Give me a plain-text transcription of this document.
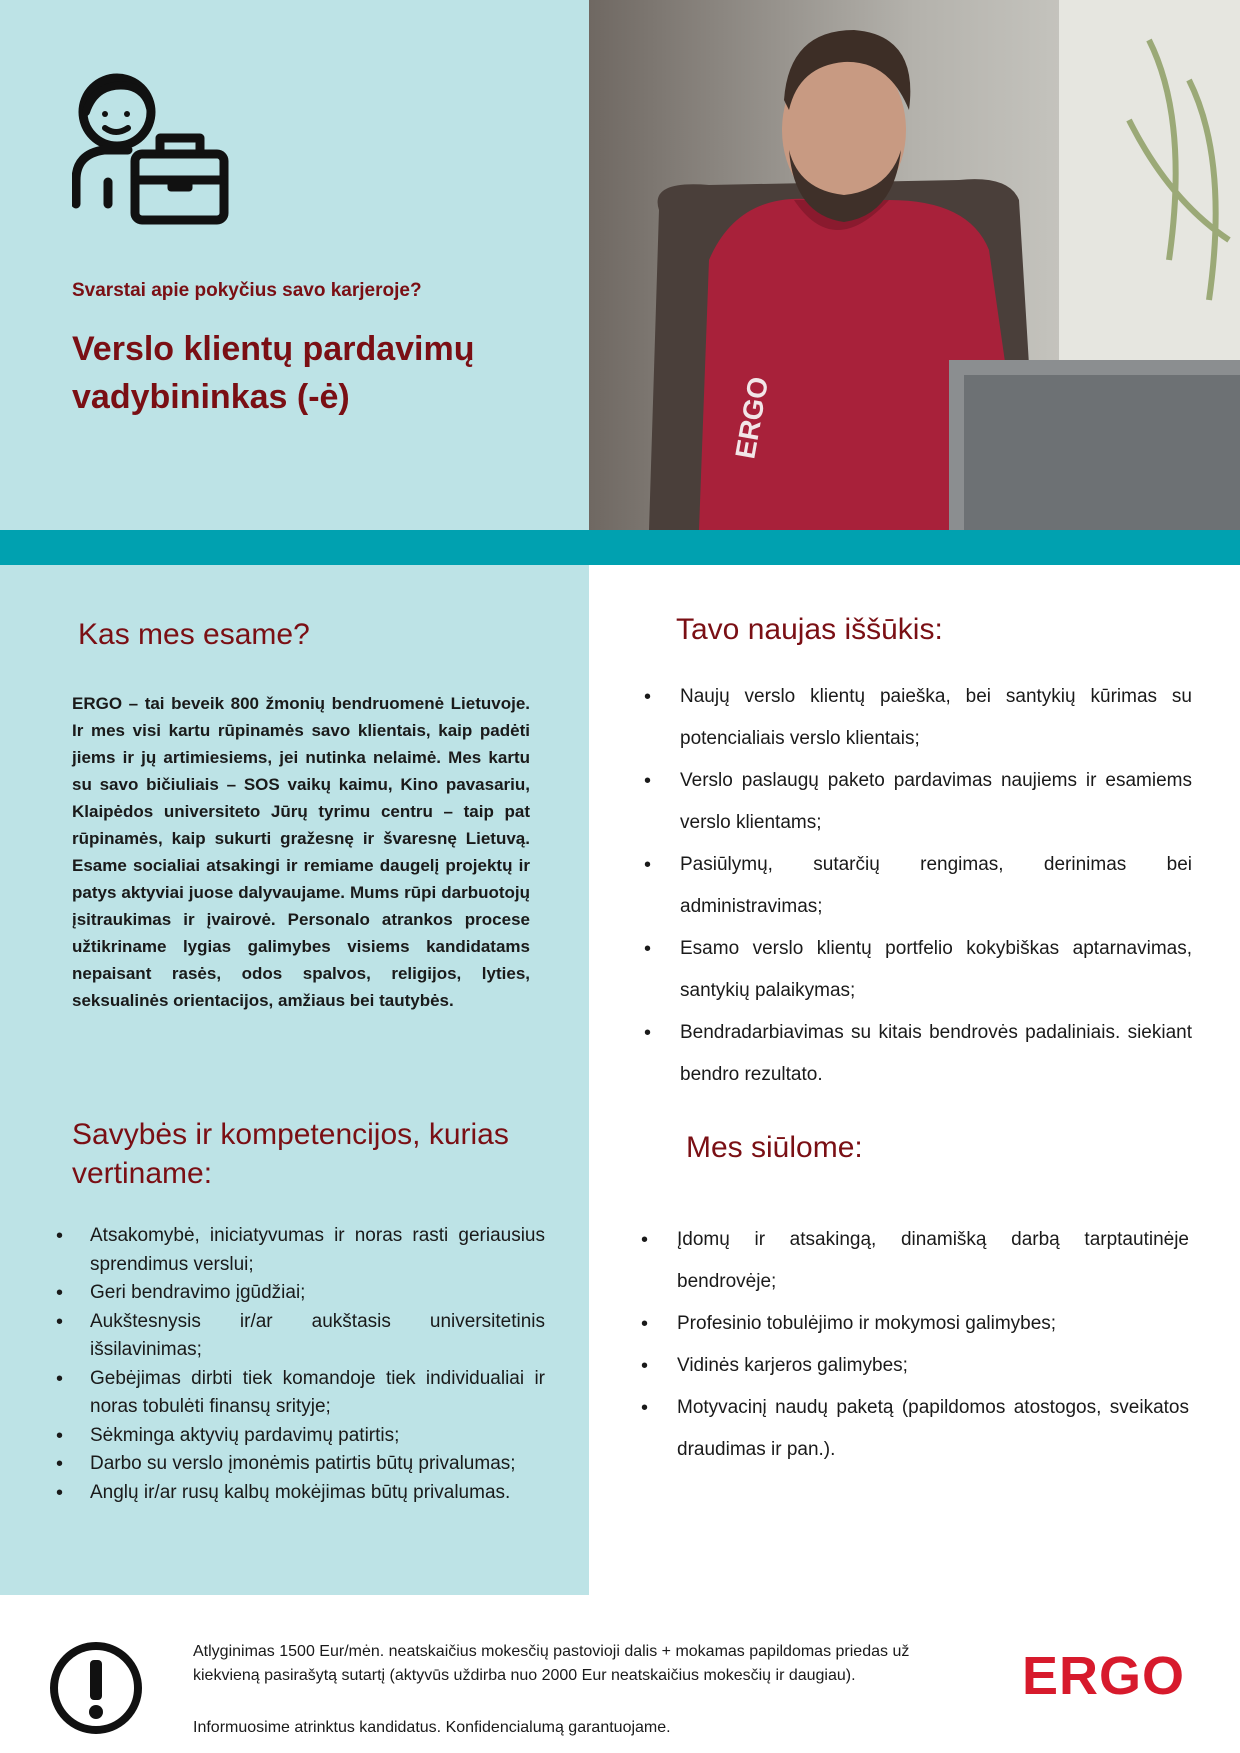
Svarstai apie pokyčius savo karjeroje?
Verslo klientų pardavimų vadybininkas (-ė)	ERGO
Kas mes esame?

ERGO – tai beveik 800 žmonių bendruomenė Lietuvoje. Ir mes visi kartu rūpinamės savo klientais, kaip padėti jiems ir jų artimiesiems, jei nutinka nelaimė. Mes kartu su savo bičiuliais – SOS vaikų kaimu, Kino pavasariu, Klaipėdos universiteto Jūrų tyrimu centru – taip pat rūpinamės, kaip sukurti gražesnę ir švaresnę Lietuvą. Esame socialiai atsakingi ir remiame daugelį projektų ir patys aktyviai juose dalyvaujame. Mums rūpi darbuotojų įsitraukimas ir įvairovė. Personalo atrankos procese užtikriname lygias galimybes visiems kandidatams nepaisant rasės, odos spalvos, religijos, lyties, seksualinės orientacijos, amžiaus bei tautybės.

Savybės ir kompetencijos, kurias vertiname:
• Atsakomybė, iniciatyvumas ir noras rasti geriausius sprendimus verslui;
• Geri bendravimo įgūdžiai;
• Aukštesnysis ir/ar aukštasis universitetinis išsilavinimas;
• Gebėjimas dirbti tiek komandoje tiek individualiai ir noras tobulėti finansų srityje;
• Sėkminga aktyvių pardavimų patirtis;
• Darbo su verslo įmonėmis patirtis būtų privalumas;
• Anglų ir/ar rusų kalbų mokėjimas būtų privalumas.
Tavo naujas iššūkis:
• Naujų verslo klientų paieška, bei santykių kūrimas su potencialiais verslo klientais;
• Verslo paslaugų paketo pardavimas naujiems ir esamiems verslo klientams;
• Pasiūlymų, sutarčių rengimas, derinimas bei administravimas;
• Esamo verslo klientų portfelio kokybiškas aptarnavimas, santykių palaikymas;
• Bendradarbiavimas su kitais bendrovės padaliniais. siekiant bendro rezultato.
Mes siūlome:
• Įdomų ir atsakingą, dinamišką darbą tarptautinėje bendrovėje;
• Profesinio tobulėjimo ir mokymosi galimybes;
• Vidinės karjeros galimybes;
• Motyvacinį naudų paketą (papildomos atostogos, sveikatos draudimas ir pan.).

Atlyginimas 1500 Eur/mėn. neatskaičius mokesčių pastovioji dalis + mokamas papildomas priedas už kiekvieną pasirašytą sutartį (aktyvūs uždirba nuo 2000 Eur neatskaičius mokesčių ir daugiau).

Informuosime atrinktus kandidatus. Konfidencialumą garantuojame.

ERGO
